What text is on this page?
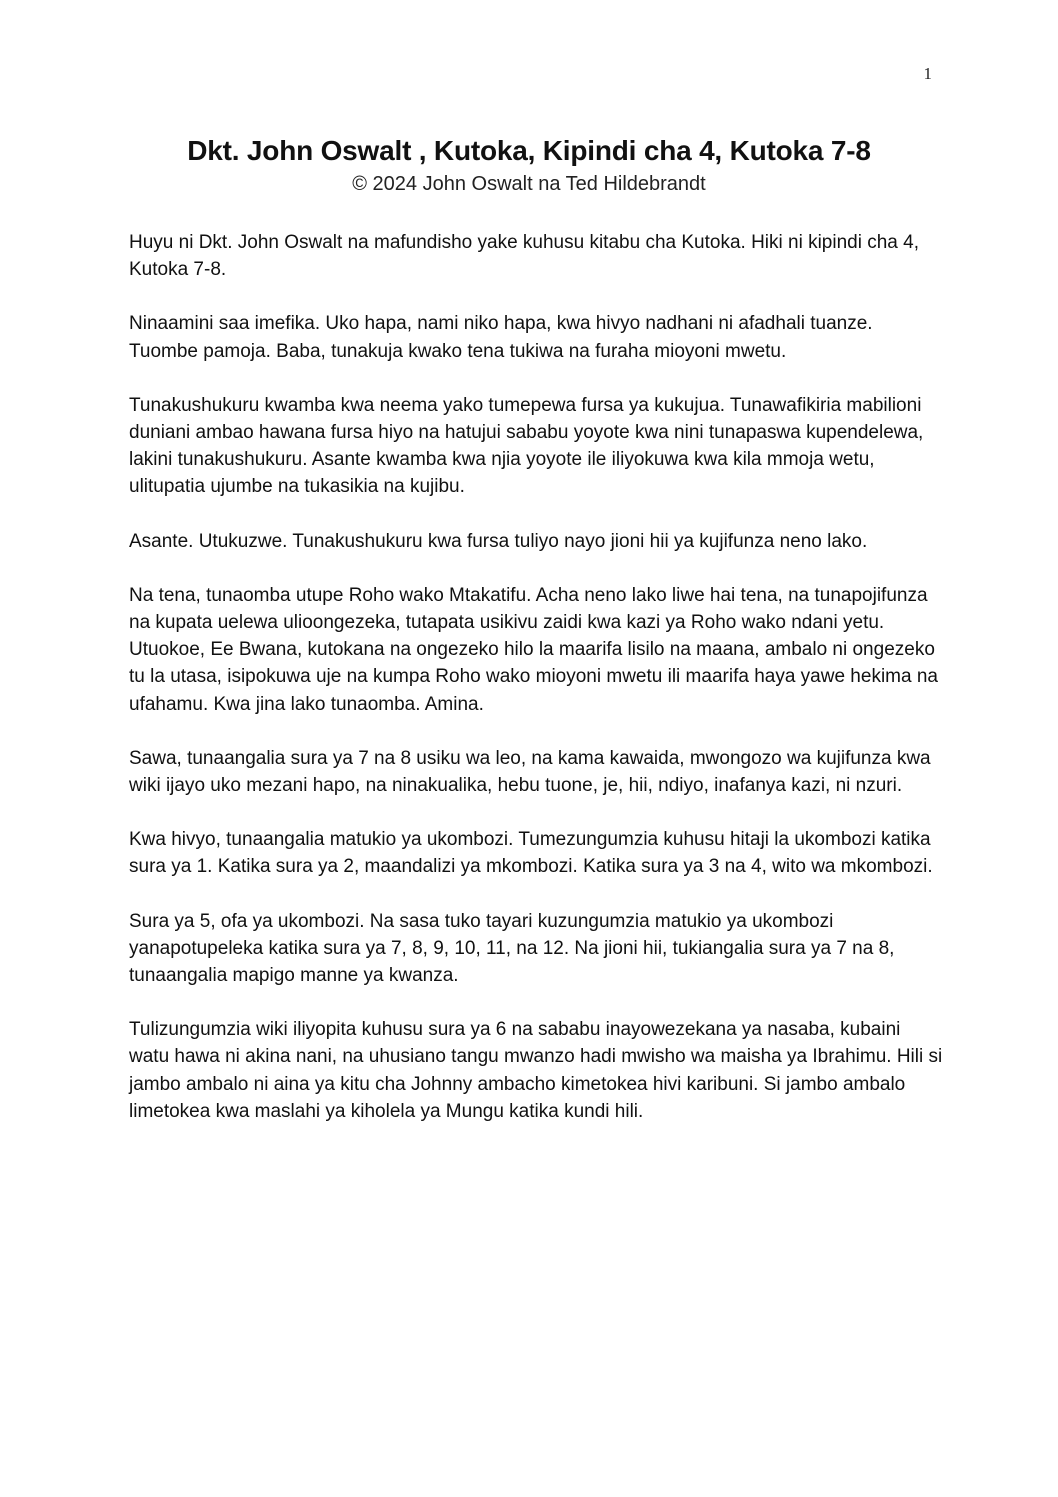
1
Dkt. John Oswalt , Kutoka, Kipindi cha 4, Kutoka 7-8
© 2024 John Oswalt na Ted Hildebrandt

Huyu ni Dkt. John Oswalt na mafundisho yake kuhusu kitabu cha Kutoka. Hiki ni kipindi cha 4, Kutoka 7-8.

Ninaamini saa imefika. Uko hapa, nami niko hapa, kwa hivyo nadhani ni afadhali tuanze. Tuombe pamoja. Baba, tunakuja kwako tena tukiwa na furaha mioyoni mwetu.

Tunakushukuru kwamba kwa neema yako tumepewa fursa ya kukujua. Tunawafikiria mabilioni duniani ambao hawana fursa hiyo na hatujui sababu yoyote kwa nini tunapaswa kupendelewa, lakini tunakushukuru. Asante kwamba kwa njia yoyote ile iliyokuwa kwa kila mmoja wetu, ulitupatia ujumbe na tukasikia na kujibu.

Asante. Utukuzwe. Tunakushukuru kwa fursa tuliyo nayo jioni hii ya kujifunza neno lako.

Na tena, tunaomba utupe Roho wako Mtakatifu. Acha neno lako liwe hai tena, na tunapojifunza na kupata uelewa ulioongezeka, tutapata usikivu zaidi kwa kazi ya Roho wako ndani yetu. Utuokoe, Ee Bwana, kutokana na ongezeko hilo la maarifa lisilo na maana, ambalo ni ongezeko tu la utasa, isipokuwa uje na kumpa Roho wako mioyoni mwetu ili maarifa haya yawe hekima na ufahamu. Kwa jina lako tunaomba. Amina.

Sawa, tunaangalia sura ya 7 na 8 usiku wa leo, na kama kawaida, mwongozo wa kujifunza kwa wiki ijayo uko mezani hapo, na ninakualika, hebu tuone, je, hii, ndiyo, inafanya kazi, ni nzuri.

Kwa hivyo, tunaangalia matukio ya ukombozi. Tumezungumzia kuhusu hitaji la ukombozi katika sura ya 1. Katika sura ya 2, maandalizi ya mkombozi. Katika sura ya 3 na 4, wito wa mkombozi.

Sura ya 5, ofa ya ukombozi. Na sasa tuko tayari kuzungumzia matukio ya ukombozi yanapotupeleka katika sura ya 7, 8, 9, 10, 11, na 12. Na jioni hii, tukiangalia sura ya 7 na 8, tunaangalia mapigo manne ya kwanza.

Tulizungumzia wiki iliyopita kuhusu sura ya 6 na sababu inayowezekana ya nasaba, kubaini watu hawa ni akina nani, na uhusiano tangu mwanzo hadi mwisho wa maisha ya Ibrahimu. Hili si jambo ambalo ni aina ya kitu cha Johnny ambacho kimetokea hivi karibuni. Si jambo ambalo limetokea kwa maslahi ya kiholela ya Mungu katika kundi hili.
